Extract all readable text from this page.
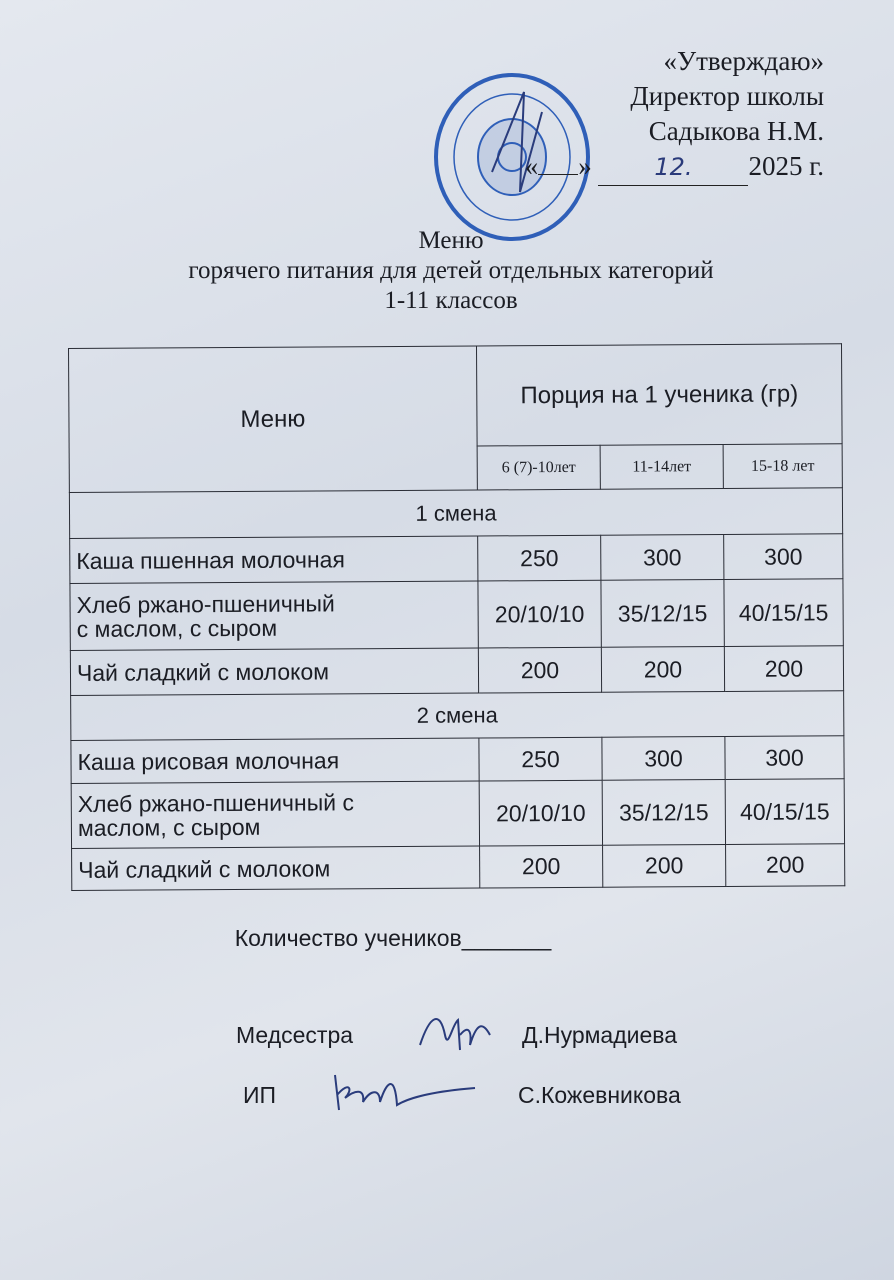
«Утверждаю»
Директор школы
Садыкова Н.М.
« »	12. 2025 г.
Меню
горячего питания для детей отдельных категорий
1-11 классов
Меню	Порция на 1 ученика (гр)		
	6 (7)-10лет	11-14лет	15-18 лет
1 смена			
Каша пшенная молочная	250	300	300
Хлеб ржано-пшеничный
с маслом, с сыром	20/10/10	35/12/15	40/15/15
Чай сладкий с молоком	200	200	200
2 смена			
Каша рисовая молочная	250	300	300
Хлеб ржано-пшеничный с
маслом, с сыром	20/10/10	35/12/15	40/15/15
Чай сладкий с молоком	200	200	200
Количество учеников_______
Медсестра	Д.Нурмадиева
ИП	С.Кожевникова
